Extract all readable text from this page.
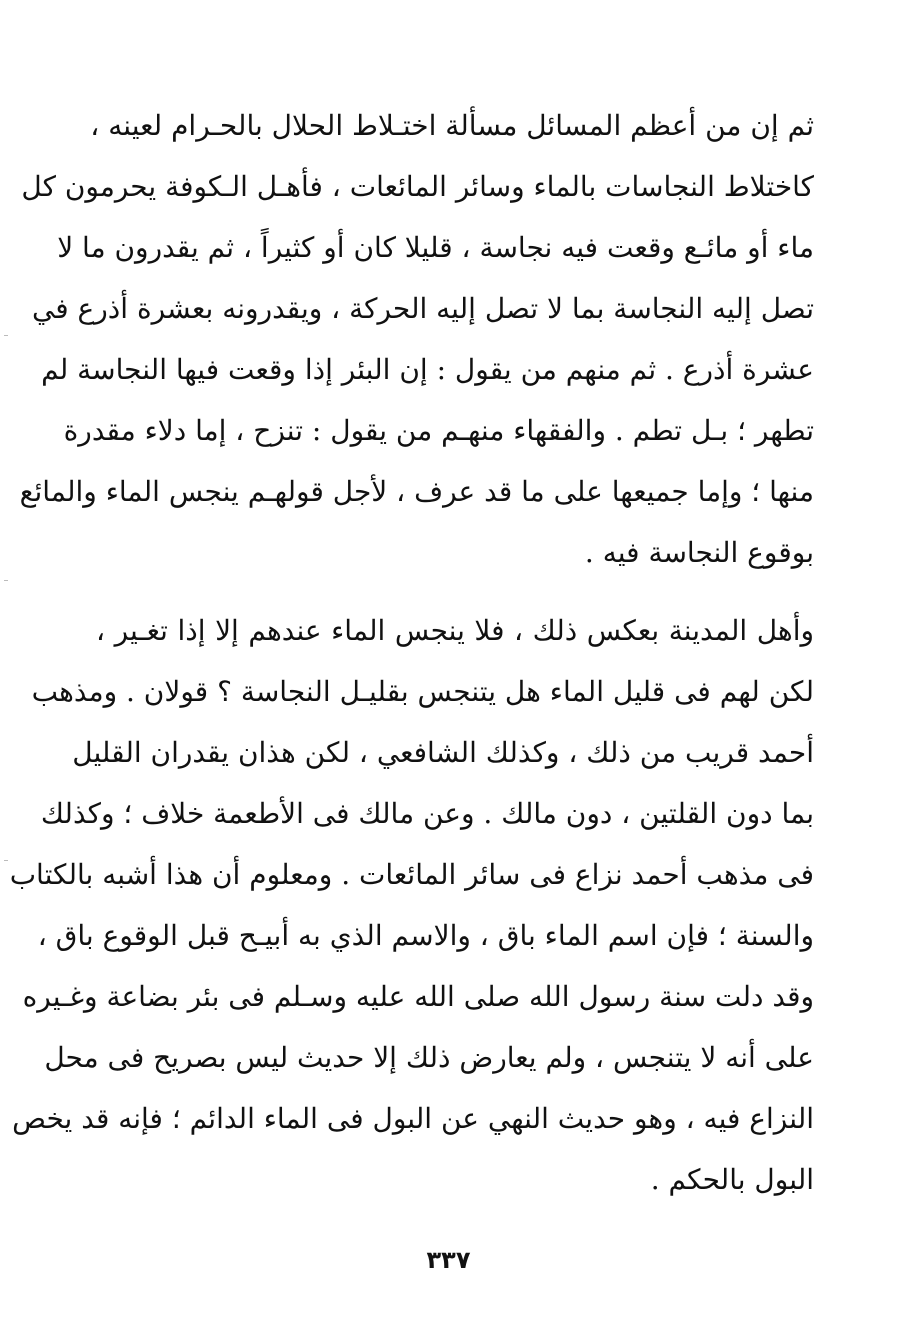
ثم إن من أعظم المسائل مسألة اختـلاط الحلال بالحـرام لعينه ،
كاختلاط النجاسات بالماء وسائر المائعات ، فأهـل الـكوفة يحرمون كل
ماء أو مائـع وقعت فيه نجاسة ، قليلا كان أو كثيراً ، ثم يقدرون ما لا
تصل إليه النجاسة بما لا تصل إليه الحركة ، ويقدرونه بعشرة أذرع في
عشرة أذرع . ثم منهم من يقول : إن البئر إذا وقعت فيها النجاسة لم
تطهر ؛ بـل تطم . والفقهاء منهـم من يقول : تنزح ، إما دلاء مقدرة
منها ؛ وإما جميعها على ما قد عرف ، لأجل قولهـم ينجس الماء والمائع
بوقوع النجاسة فيه .
وأهل المدينة بعكس ذلك ، فلا ينجس الماء عندهم إلا إذا تغـير ،
لكن لهم فى قليل الماء هل يتنجس بقليـل النجاسة ؟ قولان . ومذهب
أحمد قريب من ذلك ، وكذلك الشافعي ، لكن هذان يقدران القليل
بما دون القلتين ، دون مالك . وعن مالك فى الأطعمة خلاف ؛ وكذلك
فى مذهب أحمد نزاع فى سائر المائعات . ومعلوم أن هذا أشبه بالكتاب
والسنة ؛ فإن اسم الماء باق ، والاسم الذي به أبيـح قبل الوقوع باق ،
وقد دلت سنة رسول الله صلى الله عليه وسـلم فى بئر بضاعة وغـيره
على أنه لا يتنجس ، ولم يعارض ذلك إلا حديث ليس بصريح فى محل
النزاع فيه ، وهو حديث النهي عن البول فى الماء الدائم ؛ فإنه قد يخص
البول بالحكم .
٣٣٧
